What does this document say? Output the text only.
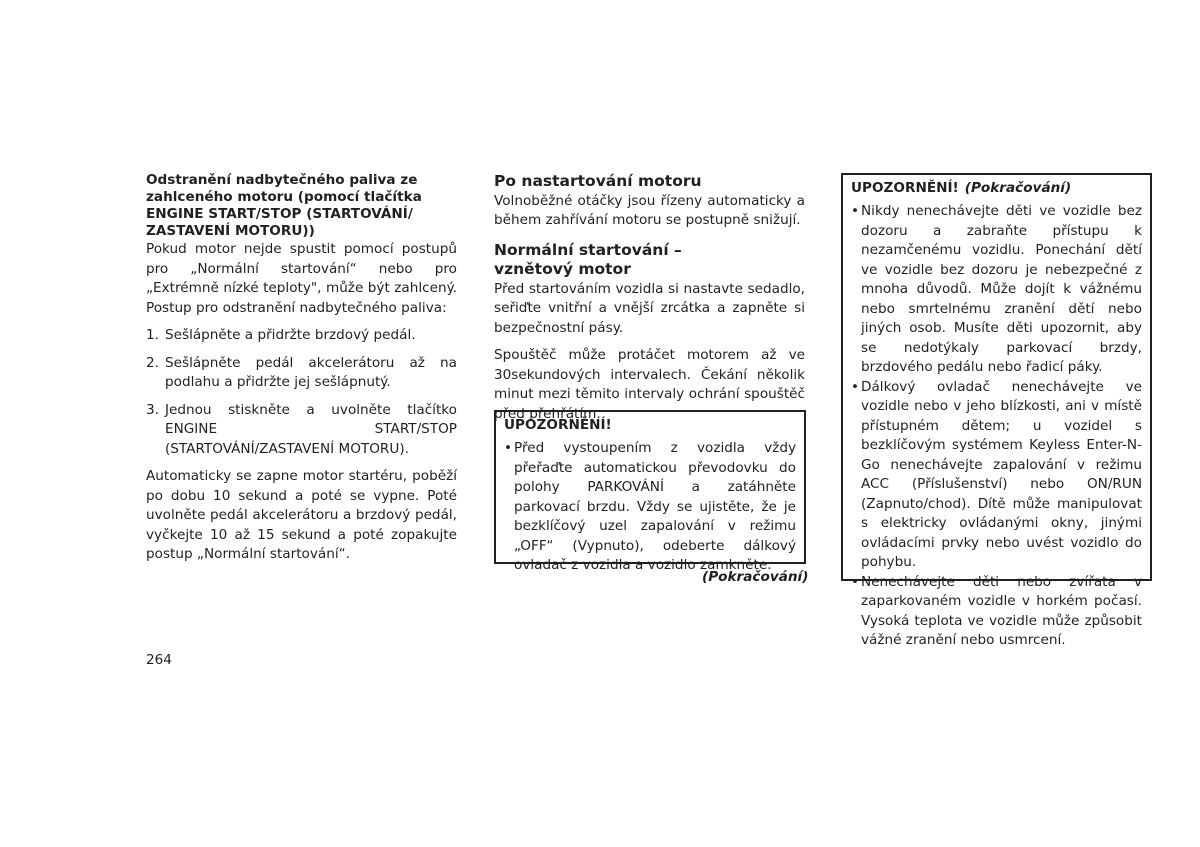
Odstranění nadbytečného paliva ze zahlceného motoru (pomocí tlačítka ENGINE START/STOP (STARTOVÁNÍ/ ZASTAVENÍ MOTORU))

Pokud motor nejde spustit pomocí postupů pro „Normální startování“ nebo pro „Extrémně nízké teploty", může být zahlcený. Postup pro odstranění nadbytečného paliva:

1. Sešlápněte a přidržte brzdový pedál.
2. Sešlápněte pedál akcelerátoru až na podlahu a přidržte jej sešlápnutý.
3. Jednou stiskněte a uvolněte tlačítko ENGINE START/STOP (STARTOVÁNÍ/ZASTAVENÍ MOTORU).

Automaticky se zapne motor startéru, poběží po dobu 10 sekund a poté se vypne. Poté uvolněte pedál akcelerátoru a brzdový pedál, vyčkejte 10 až 15 sekund a poté zopakujte postup „Normální startování“.

264
Po nastartování motoru

Volnoběžné otáčky jsou řízeny automaticky a během zahřívání motoru se postupně snižují.

Normální startování – vznětový motor

Před startováním vozidla si nastavte sedadlo, seřiďte vnitřní a vnější zrcátka a zapněte si bezpečnostní pásy.

Spouštěč může protáčet motorem až ve 30sekundových intervalech. Čekání několik minut mezi těmito intervaly ochrání spouštěč před přehřátím.

UPOZORNĚNÍ!
• Před vystoupením z vozidla vždy přeřaďte automatickou převodovku do polohy PARKOVÁNÍ a zatáhněte parkovací brzdu. Vždy se ujistěte, že je bezklíčový uzel zapalování v režimu „OFF“ (Vypnuto), odeberte dálkový ovladač z vozidla a vozidlo zamkněte.
(Pokračování)
UPOZORNĚNÍ! (Pokračování)
• Nikdy nenechávejte děti ve vozidle bez dozoru a zabraňte přístupu k nezamčenému vozidlu. Ponechání dětí ve vozidle bez dozoru je nebezpečné z mnoha důvodů. Může dojít k vážnému nebo smrtelnému zranění dětí nebo jiných osob. Musíte děti upozornit, aby se nedotýkaly parkovací brzdy, brzdového pedálu nebo řadicí páky.
• Dálkový ovladač nenechávejte ve vozidle nebo v jeho blízkosti, ani v místě přístupném dětem; u vozidel s bezklíčovým systémem Keyless Enter-N-Go nenechávejte zapalování v režimu ACC (Příslušenství) nebo ON/RUN (Zapnuto/chod). Dítě může manipulovat s elektricky ovládanými okny, jinými ovládacími prvky nebo uvést vozidlo do pohybu.
• Nenechávejte děti nebo zvířata v zaparkovaném vozidle v horkém počasí. Vysoká teplota ve vozidle může způsobit vážné zranění nebo usmrcení.
